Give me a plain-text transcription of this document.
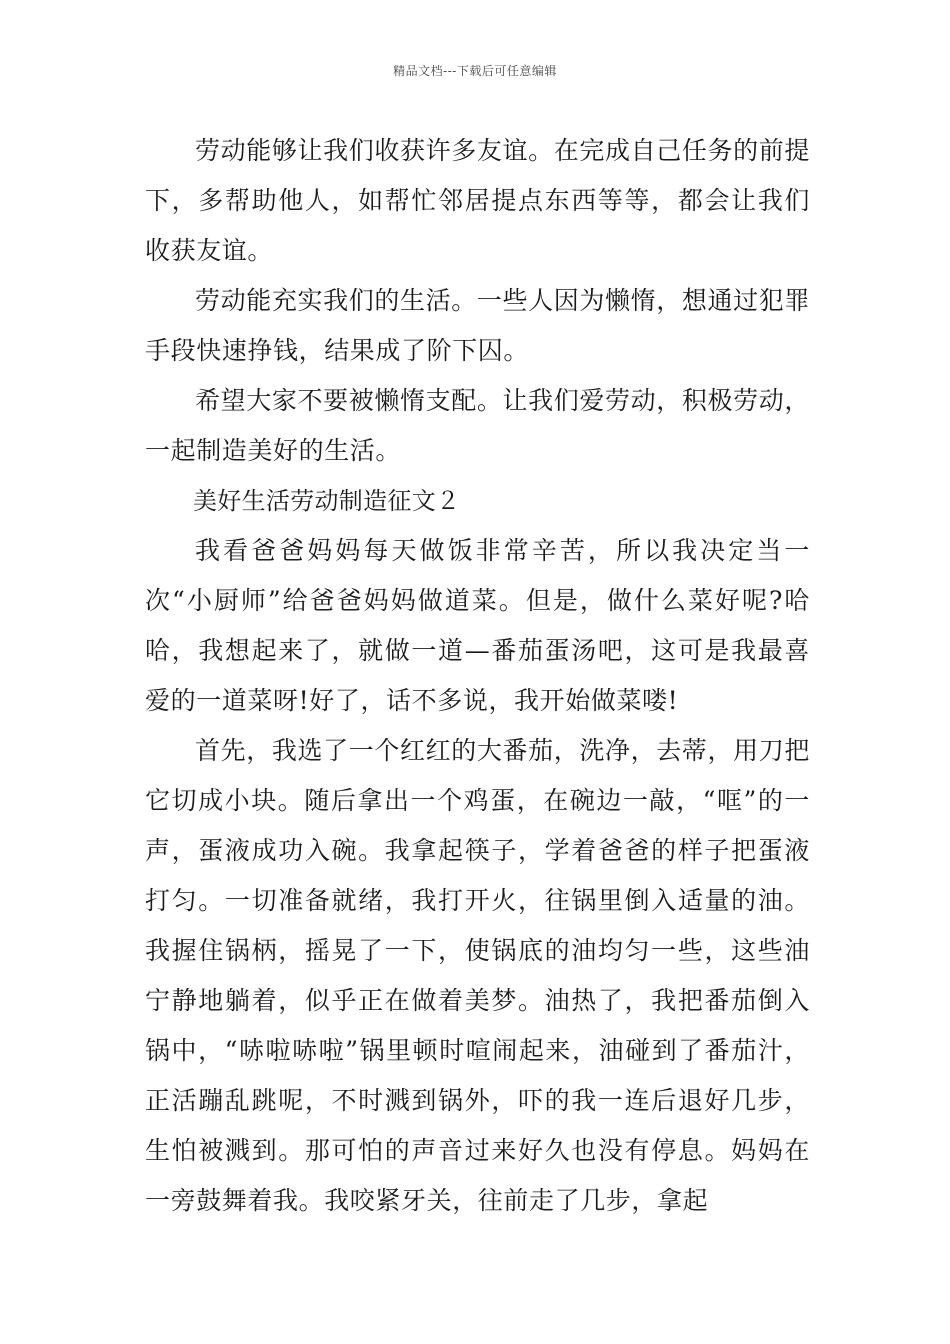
精品文档---下载后可任意编辑

劳动能够让我们收获许多友谊。在完成自己任务的前提下，多帮助他人，如帮忙邻居提点东西等等，都会让我们收获友谊。

劳动能充实我们的生活。一些人因为懒惰，想通过犯罪手段快速挣钱，结果成了阶下囚。

希望大家不要被懒惰支配。让我们爱劳动，积极劳动，一起制造美好的生活。

美好生活劳动制造征文２

我看爸爸妈妈每天做饭非常辛苦，所以我决定当一次“小厨师”给爸爸妈妈做道菜。但是，做什么菜好呢?哈哈，我想起来了，就做一道—番茄蛋汤吧，这可是我最喜爱的一道菜呀!好了，话不多说，我开始做菜喽!

首先，我选了一个红红的大番茄，洗净，去蒂，用刀把它切成小块。随后拿出一个鸡蛋，在碗边一敲，“哐”的一声，蛋液成功入碗。我拿起筷子，学着爸爸的样子把蛋液打匀。一切准备就绪，我打开火，往锅里倒入适量的油。我握住锅柄，摇晃了一下，使锅底的油均匀一些，这些油宁静地躺着，似乎正在做着美梦。油热了，我把番茄倒入锅中，“哧啦哧啦”锅里顿时喧闹起来，油碰到了番茄汁，正活蹦乱跳呢，不时溅到锅外，吓的我一连后退好几步，生怕被溅到。那可怕的声音过来好久也没有停息。妈妈在一旁鼓舞着我。我咬紧牙关，往前走了几步，拿起
